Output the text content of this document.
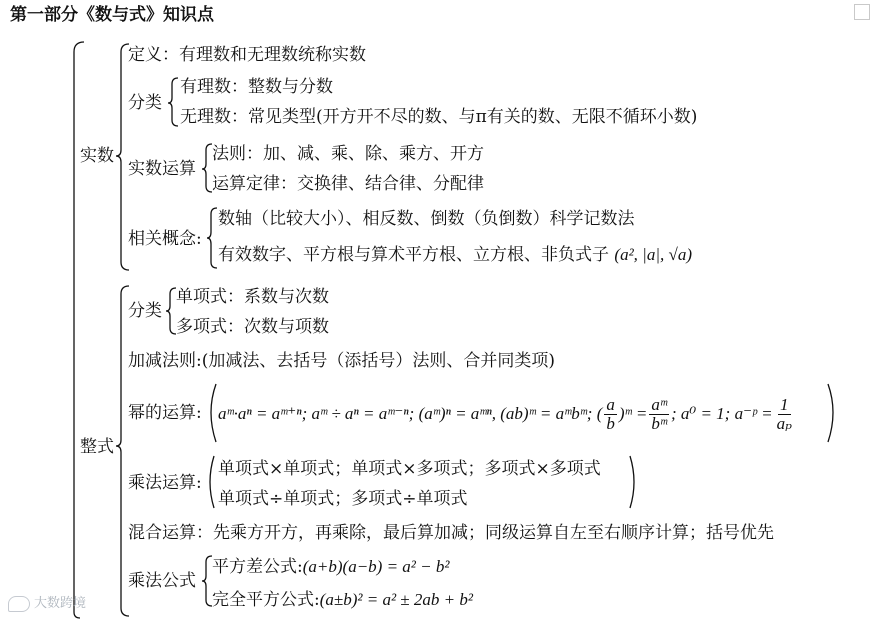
第一部分《数与式》知识点
实数
定义：有理数和无理数统称实数
分类
有理数：整数与分数
无理数：常见类型(开方开不尽的数、与π有关的数、无限不循环小数)
实数运算
法则：加、减、乘、除、乘方、开方
运算定律：交换律、结合律、分配律
相关概念:
数轴（比较大小）、相反数、倒数（负倒数）科学记数法
有效数字、平方根与算术平方根、立方根、非负式子 (a², |a|, √a)
整式
分类
单项式：系数与次数
多项式：次数与项数
加减法则:(加减法、去括号（添括号）法则、合并同类项)
幂的运算: aᵐ·aⁿ = aᵐ⁺ⁿ; aᵐ ÷ aⁿ = aᵐ⁻ⁿ; (aᵐ)ⁿ = aᵐⁿ, (ab)ᵐ = aᵐbᵐ; ( $\frac{a}{b}$ )ᵐ = $\frac{\text{aᵐ}}{\text{bᵐ}}$ ; a⁰ = 1; a⁻ᵖ = $\frac{1}{\text{aₚ}}$
乘法运算:
单项式×单项式；单项式×多项式；多项式×多项式
单项式÷单项式；多项式÷单项式
混合运算：先乘方开方，再乘除，最后算加减；同级运算自左至右顺序计算；括号优先
乘法公式
平方差公式:(a+b)(a−b) = a² − b²
完全平方公式:(a±b)² = a² ± 2ab + b²
大数跨境
